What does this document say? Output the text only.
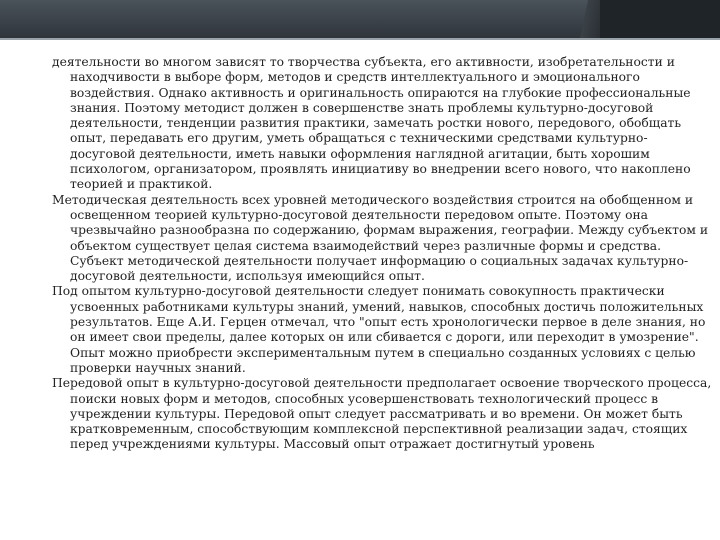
деятельности во многом зависят то творчества субъекта, его активности, изобретательности и находчивости в выборе форм, методов и средств интеллектуального и эмоционального воздействия. Однако активность и оригинальность опираются на глубокие профессиональные знания. Поэтому методист должен в совершенстве знать проблемы культурно-досуговой деятельности, тенденции развития практики, замечать ростки нового, передового, обобщать опыт, передавать его другим, уметь обращаться с техническими средствами культурно-досуговой деятельности, иметь навыки оформления наглядной агитации, быть хорошим психологом, организатором, проявлять инициативу во внедрении всего нового, что накоплено теорией и практикой.

Методическая деятельность всех уровней методического воздействия строится на обобщенном и освещенном теорией культурно-досуговой деятельности передовом опыте. Поэтому она чрезвычайно разнообразна по содержанию, формам выражения, географии. Между субъектом и объектом существует целая система взаимодействий через различные формы и средства. Субъект методической деятельности получает информацию о социальных задачах культурно-досуговой деятельности, используя имеющийся опыт.

Под опытом культурно-досуговой деятельности следует понимать совокупность практически усвоенных работниками культуры знаний, умений, навыков, способных достичь положительных результатов. Еще А.И. Герцен отмечал, что "опыт есть хронологически первое в деле знания, но он имеет свои пределы, далее которых он или сбивается с дороги, или переходит в умозрение". Опыт можно приобрести экспериментальным путем в специально созданных условиях с целью проверки научных знаний.

Передовой опыт в культурно-досуговой деятельности предполагает освоение творческого процесса, поиски новых форм и методов, способных усовершенствовать технологический процесс в учреждении культуры. Передовой опыт следует рассматривать и во времени. Он может быть кратковременным, способствующим комплексной перспективной реализации задач, стоящих перед учреждениями культуры. Массовый опыт отражает достигнутый уровень
